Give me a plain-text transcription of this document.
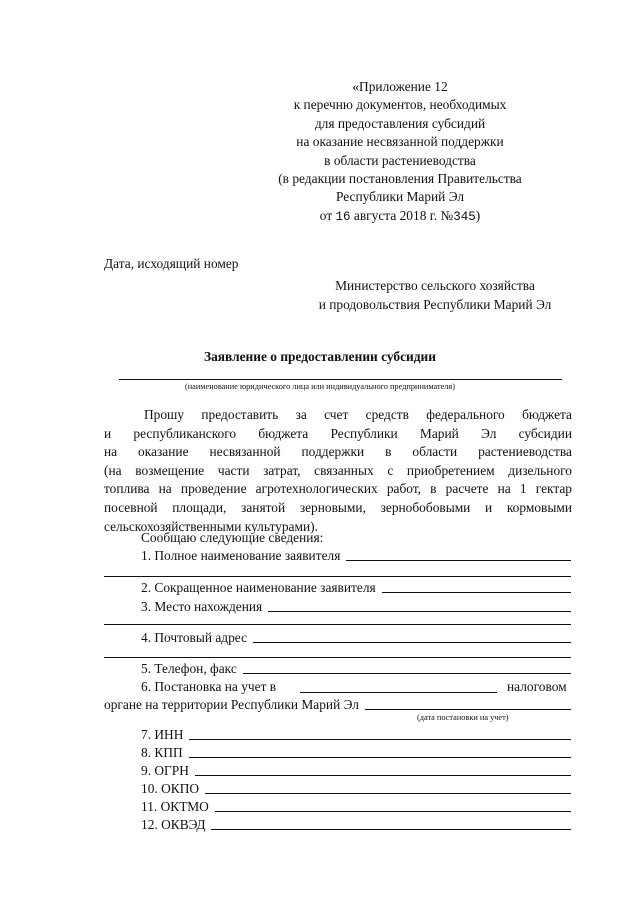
«Приложение 12
к перечню документов, необходимых
для предоставления субсидий
на оказание несвязанной поддержки
в области растениеводства
(в редакции постановления Правительства
Республики Марий Эл
от 16 августа 2018 г. №345)
Дата, исходящий номер
Министерство сельского хозяйства
и продовольствия Республики Марий Эл
Заявление о предоставлении субсидии
(наименование юридического лица или индивидуального предпринимателя)
Прошу предоставить за счет средств федерального бюджета
и республиканского бюджета Республики Марий Эл субсидии
на оказание несвязанной поддержки в области растениеводства
(на возмещение части затрат, связанных с приобретением дизельного
топлива на проведение агротехнологических работ, в расчете на 1 гектар
посевной площади, занятой зерновыми, зернобобовыми и кормовыми
сельскохозяйственными культурами).
Сообщаю следующие сведения:
1. Полное наименование заявителя
2. Сокращенное наименование заявителя
3. Место нахождения
4. Почтовый адрес
5. Телефон, факс
6. Постановка на учет в	налоговом
органе на территории Республики Марий Эл
(дата постановки на учет)
7. ИНН
8. КПП
9. ОГРН
10. ОКПО
11. ОКТМО
12. ОКВЭД
